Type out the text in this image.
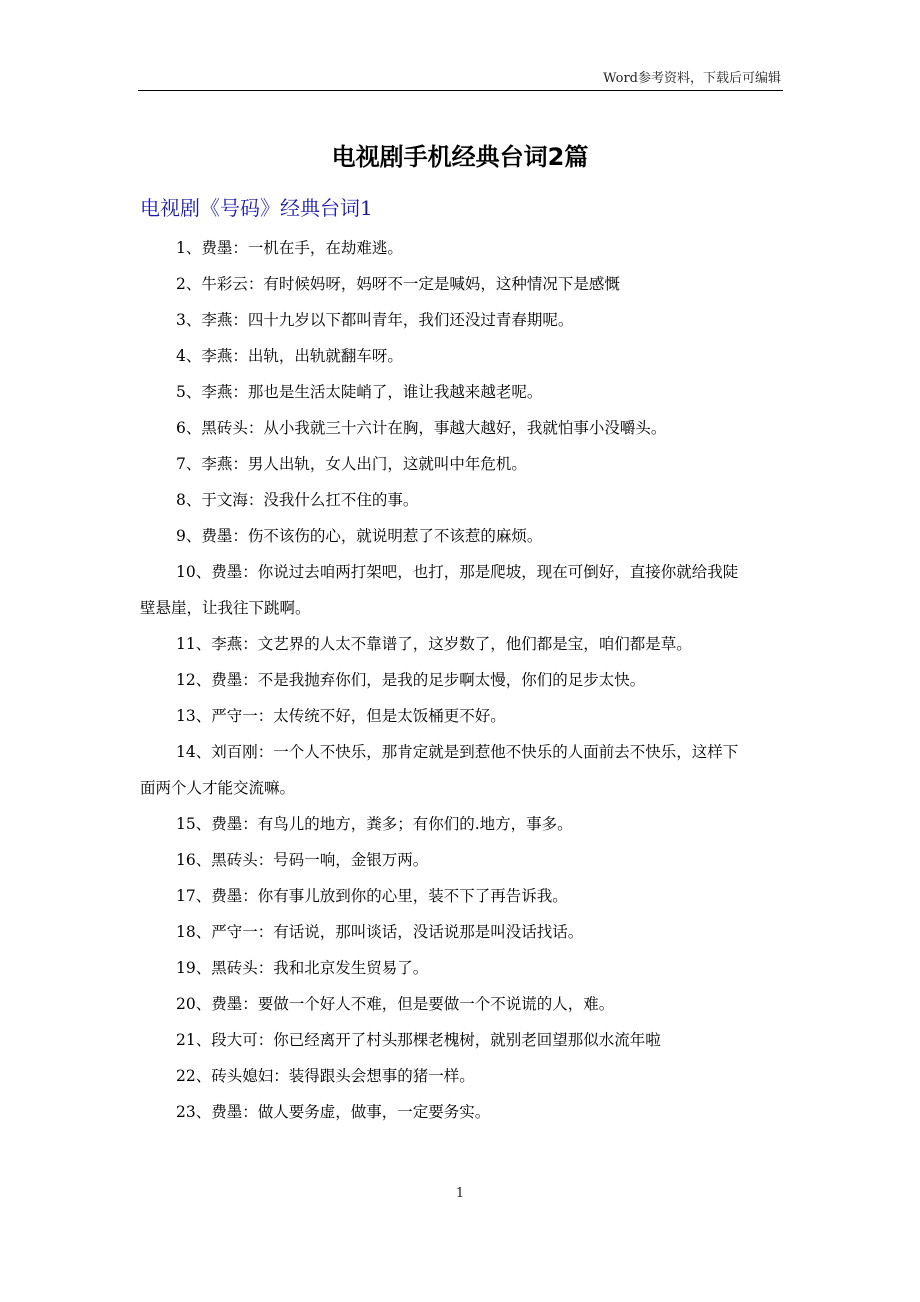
Word参考资料，下载后可编辑
电视剧手机经典台词2篇
电视剧《号码》经典台词1

1、费墨：一机在手，在劫难逃。

2、牛彩云：有时候妈呀，妈呀不一定是喊妈，这种情况下是感慨

3、李燕：四十九岁以下都叫青年，我们还没过青春期呢。

4、李燕：出轨，出轨就翻车呀。

5、李燕：那也是生活太陡峭了，谁让我越来越老呢。

6、黑砖头：从小我就三十六计在胸，事越大越好，我就怕事小没嚼头。

7、李燕：男人出轨，女人出门，这就叫中年危机。

8、于文海：没我什么扛不住的事。

9、费墨：伤不该伤的心，就说明惹了不该惹的麻烦。

10、费墨：你说过去咱两打架吧，也打，那是爬坡，现在可倒好，直接你就给我陡壁悬崖，让我往下跳啊。

11、李燕：文艺界的人太不靠谱了，这岁数了，他们都是宝，咱们都是草。

12、费墨：不是我抛弃你们，是我的足步啊太慢，你们的足步太快。

13、严守一：太传统不好，但是太饭桶更不好。

14、刘百刚：一个人不快乐，那肯定就是到惹他不快乐的人面前去不快乐，这样下面两个人才能交流嘛。

15、费墨：有鸟儿的地方，粪多；有你们的.地方，事多。

16、黑砖头：号码一响，金银万两。

17、费墨：你有事儿放到你的心里，装不下了再告诉我。

18、严守一：有话说，那叫谈话，没话说那是叫没话找话。

19、黑砖头：我和北京发生贸易了。

20、费墨：要做一个好人不难，但是要做一个不说谎的人，难。

21、段大可：你已经离开了村头那棵老槐树，就别老回望那似水流年啦

22、砖头媳妇：装得跟头会想事的猪一样。

23、费墨：做人要务虚，做事，一定要务实。

1
